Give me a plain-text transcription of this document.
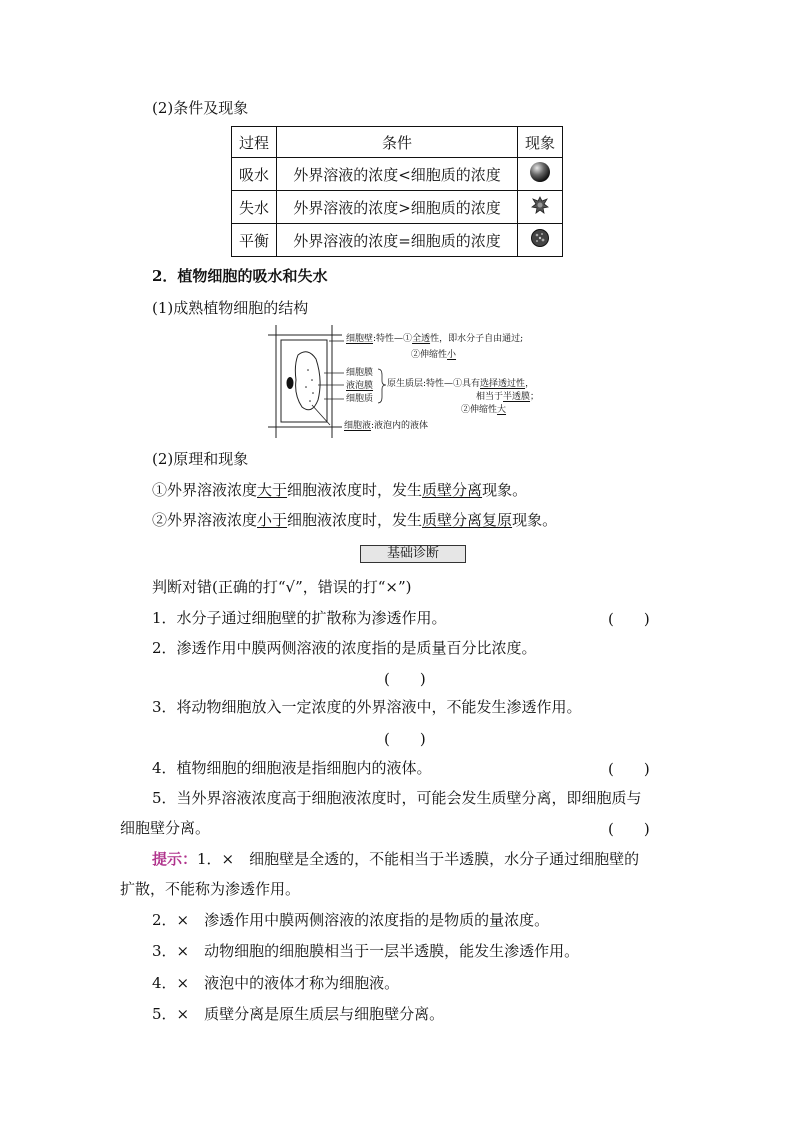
(2)条件及现象
过程	条件	现象
吸水	外界溶液的浓度<细胞质的浓度	
失水	外界溶液的浓度>细胞质的浓度	
平衡	外界溶液的浓度=细胞质的浓度	
2．植物细胞的吸水和失水
(1)成熟植物细胞的结构
细胞壁:特性—①全透性，即水分子自由通过;
②伸缩性小
细胞膜
液泡膜
细胞质
原生质层:特性—①具有选择透过性，
相当于半透膜；
②伸缩性大
细胞液:液泡内的液体
(2)原理和现象
①外界溶液浓度大于细胞液浓度时，发生质壁分离现象。
②外界溶液浓度小于细胞液浓度时，发生质壁分离复原现象。
基础诊断
判断对错(正确的打“√”，错误的打“×”)
1．水分子通过细胞壁的扩散称为渗透作用。	(　　)
2．渗透作用中膜两侧溶液的浓度指的是质量百分比浓度。
(　　)
3．将动物细胞放入一定浓度的外界溶液中，不能发生渗透作用。
(　　)
4．植物细胞的细胞液是指细胞内的液体。	(　　)
5．当外界溶液浓度高于细胞液浓度时，可能会发生质壁分离，即细胞质与
细胞壁分离。	(　　)
提示：1．×　细胞壁是全透的，不能相当于半透膜，水分子通过细胞壁的
扩散，不能称为渗透作用。
2．×　渗透作用中膜两侧溶液的浓度指的是物质的量浓度。
3．×　动物细胞的细胞膜相当于一层半透膜，能发生渗透作用。
4．×　液泡中的液体才称为细胞液。
5．×　质壁分离是原生质层与细胞壁分离。
